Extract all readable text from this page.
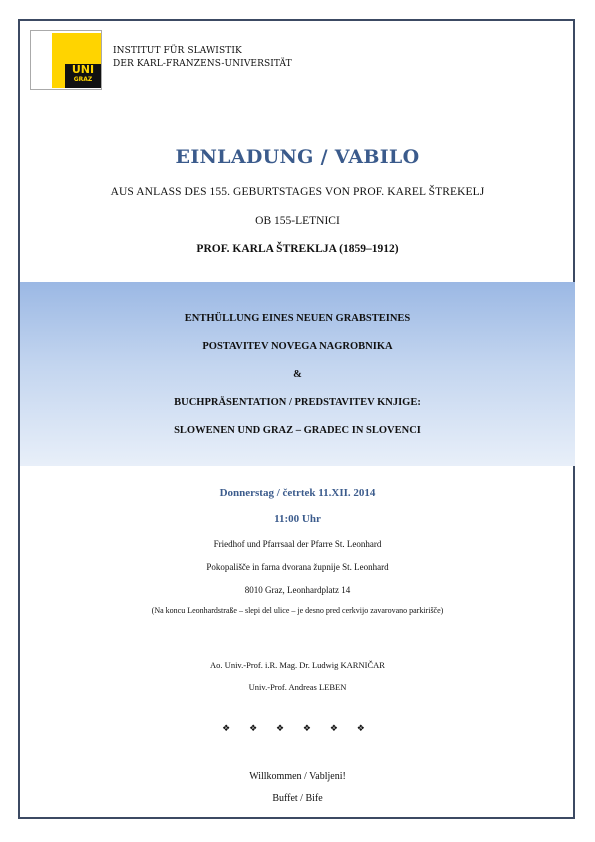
UNI
GRAZ
INSTITUT FÜR SLAWISTIK
DER KARL-FRANZENS-UNIVERSITÄT
EINLADUNG / VABILO
AUS ANLASS DES 155. GEBURTSTAGES VON PROF. KAREL ŠTREKELJ
OB 155-LETNICI
PROF. KARLA ŠTREKLJA (1859–1912)
ENTHÜLLUNG EINES NEUEN GRABSTEINES
POSTAVITEV NOVEGA NAGROBNIKA
&
BUCHPRÄSENTATION / PREDSTAVITEV KNJIGE:
SLOWENEN UND GRAZ – GRADEC IN SLOVENCI
Donnerstag / četrtek 11.XII. 2014
11:00 Uhr
Friedhof und Pfarrsaal der Pfarre St. Leonhard
Pokopališče in farna dvorana župnije St. Leonhard
8010 Graz, Leonhardplatz 14
(Na koncu Leonhardstraße – slepi del ulice – je desno pred cerkvijo zavarovano parkirišče)
Ao. Univ.-Prof. i.R. Mag. Dr. Ludwig KARNIČAR
Univ.-Prof. Andreas LEBEN
❖ ❖ ❖ ❖ ❖ ❖
Willkommen / Vabljeni!
Buffet / Bife
